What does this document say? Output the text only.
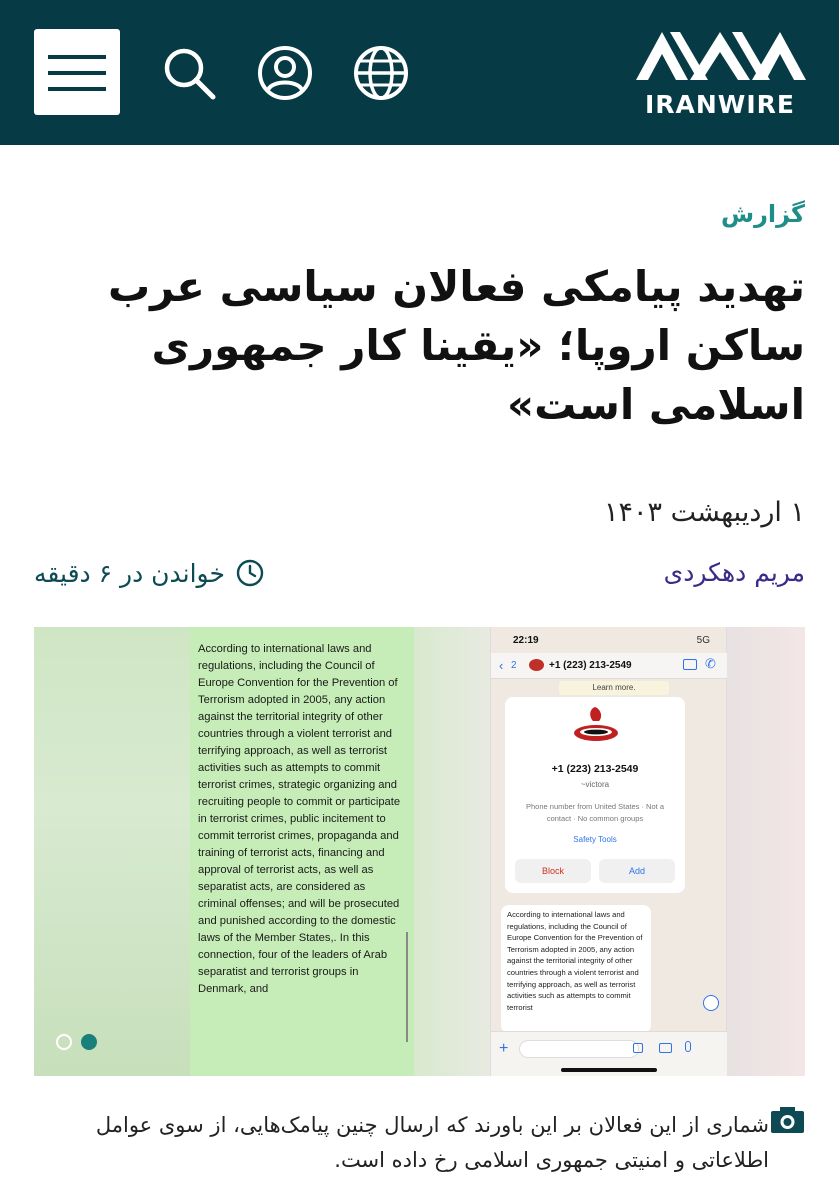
IRANWIRE
گزارش
تهدید پیامکی فعالان سیاسی عرب ساکن اروپا؛ «یقینا کار جمهوری اسلامی است»
۱ اردیبهشت ۱۴۰۳
مریم دهکردی
خواندن در ۶ دقیقه
According to international laws and regulations, including the Council of Europe Convention for the Prevention of Terrorism adopted in 2005, any action against the territorial integrity of other countries through a violent terrorist and terrifying approach, as well as terrorist activities such as attempts to commit terrorist crimes, strategic organizing and recruiting people to commit or participate in terrorist crimes, public incitement to commit terrorist crimes, propaganda and training of terrorist acts, financing and approval of terrorist acts, as well as separatist acts, are considered as criminal offenses; and will be prosecuted and punished according to the domestic laws of the Member States,. In this connection, four of the leaders of Arab separatist and terrorist groups in Denmark, and
22:19	5G
‹ 2	+1 (223) 213-2549	✆
Learn more.
+1 (223) 213-2549
~victora
Phone number from United States · Not a contact · No common groups
Safety Tools
Block	Add
According to international laws and regulations, including the Council of Europe Convention for the Prevention of Terrorism adopted in 2005, any action against the territorial integrity of other countries through a violent terrorist and terrifying approach, as well as terrorist activities such as attempts to commit terrorist
+

شماری از این فعالان بر این باورند که ارسال چنین پیامک‌هایی، از سوی عوامل اطلاعاتی و امنیتی جمهوری اسلامی رخ داده است.
